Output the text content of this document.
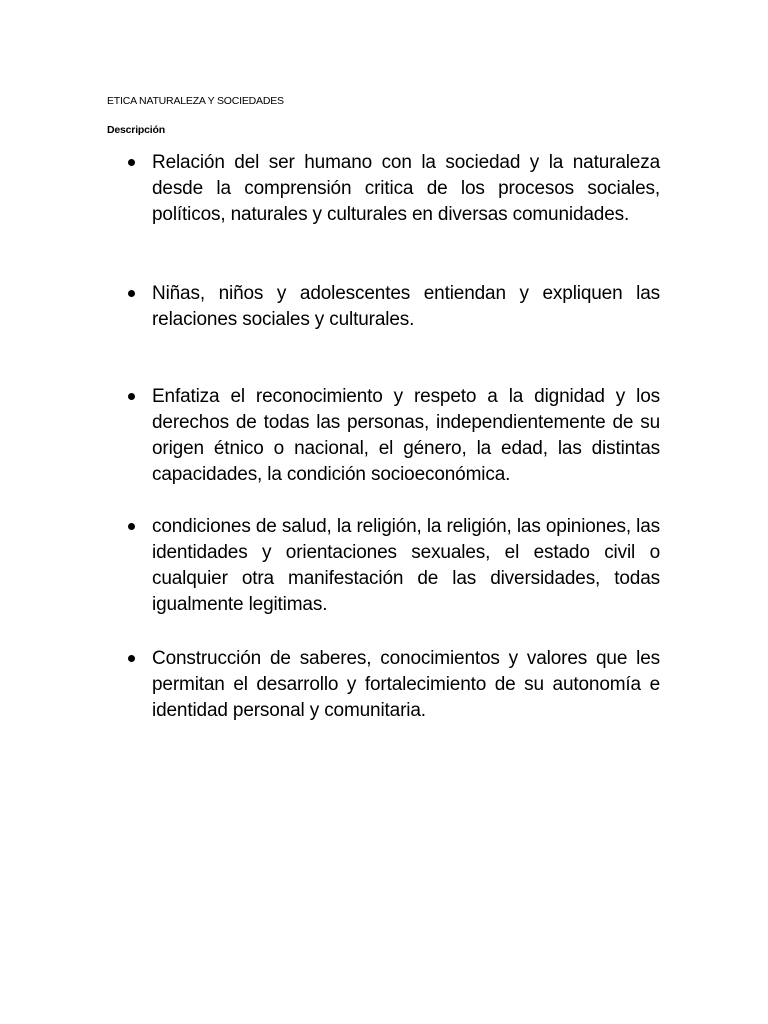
ETICA NATURALEZA Y SOCIEDADES
Descripción
Relación del ser humano con la sociedad y la naturaleza desde la comprensión critica de los procesos sociales, políticos, naturales y culturales en diversas comunidades.
Niñas, niños y adolescentes entiendan y expliquen las relaciones sociales y culturales.
Enfatiza el reconocimiento y respeto a la dignidad y los derechos de todas las personas, independientemente de su origen étnico o nacional, el género, la edad, las distintas capacidades, la condición socioeconómica.
condiciones de salud, la religión, la religión, las opiniones, las identidades y orientaciones sexuales, el estado civil o cualquier otra manifestación de las diversidades, todas igualmente legitimas.
Construcción de saberes, conocimientos y valores que les permitan el desarrollo y fortalecimiento de su autonomía e identidad personal y comunitaria.
